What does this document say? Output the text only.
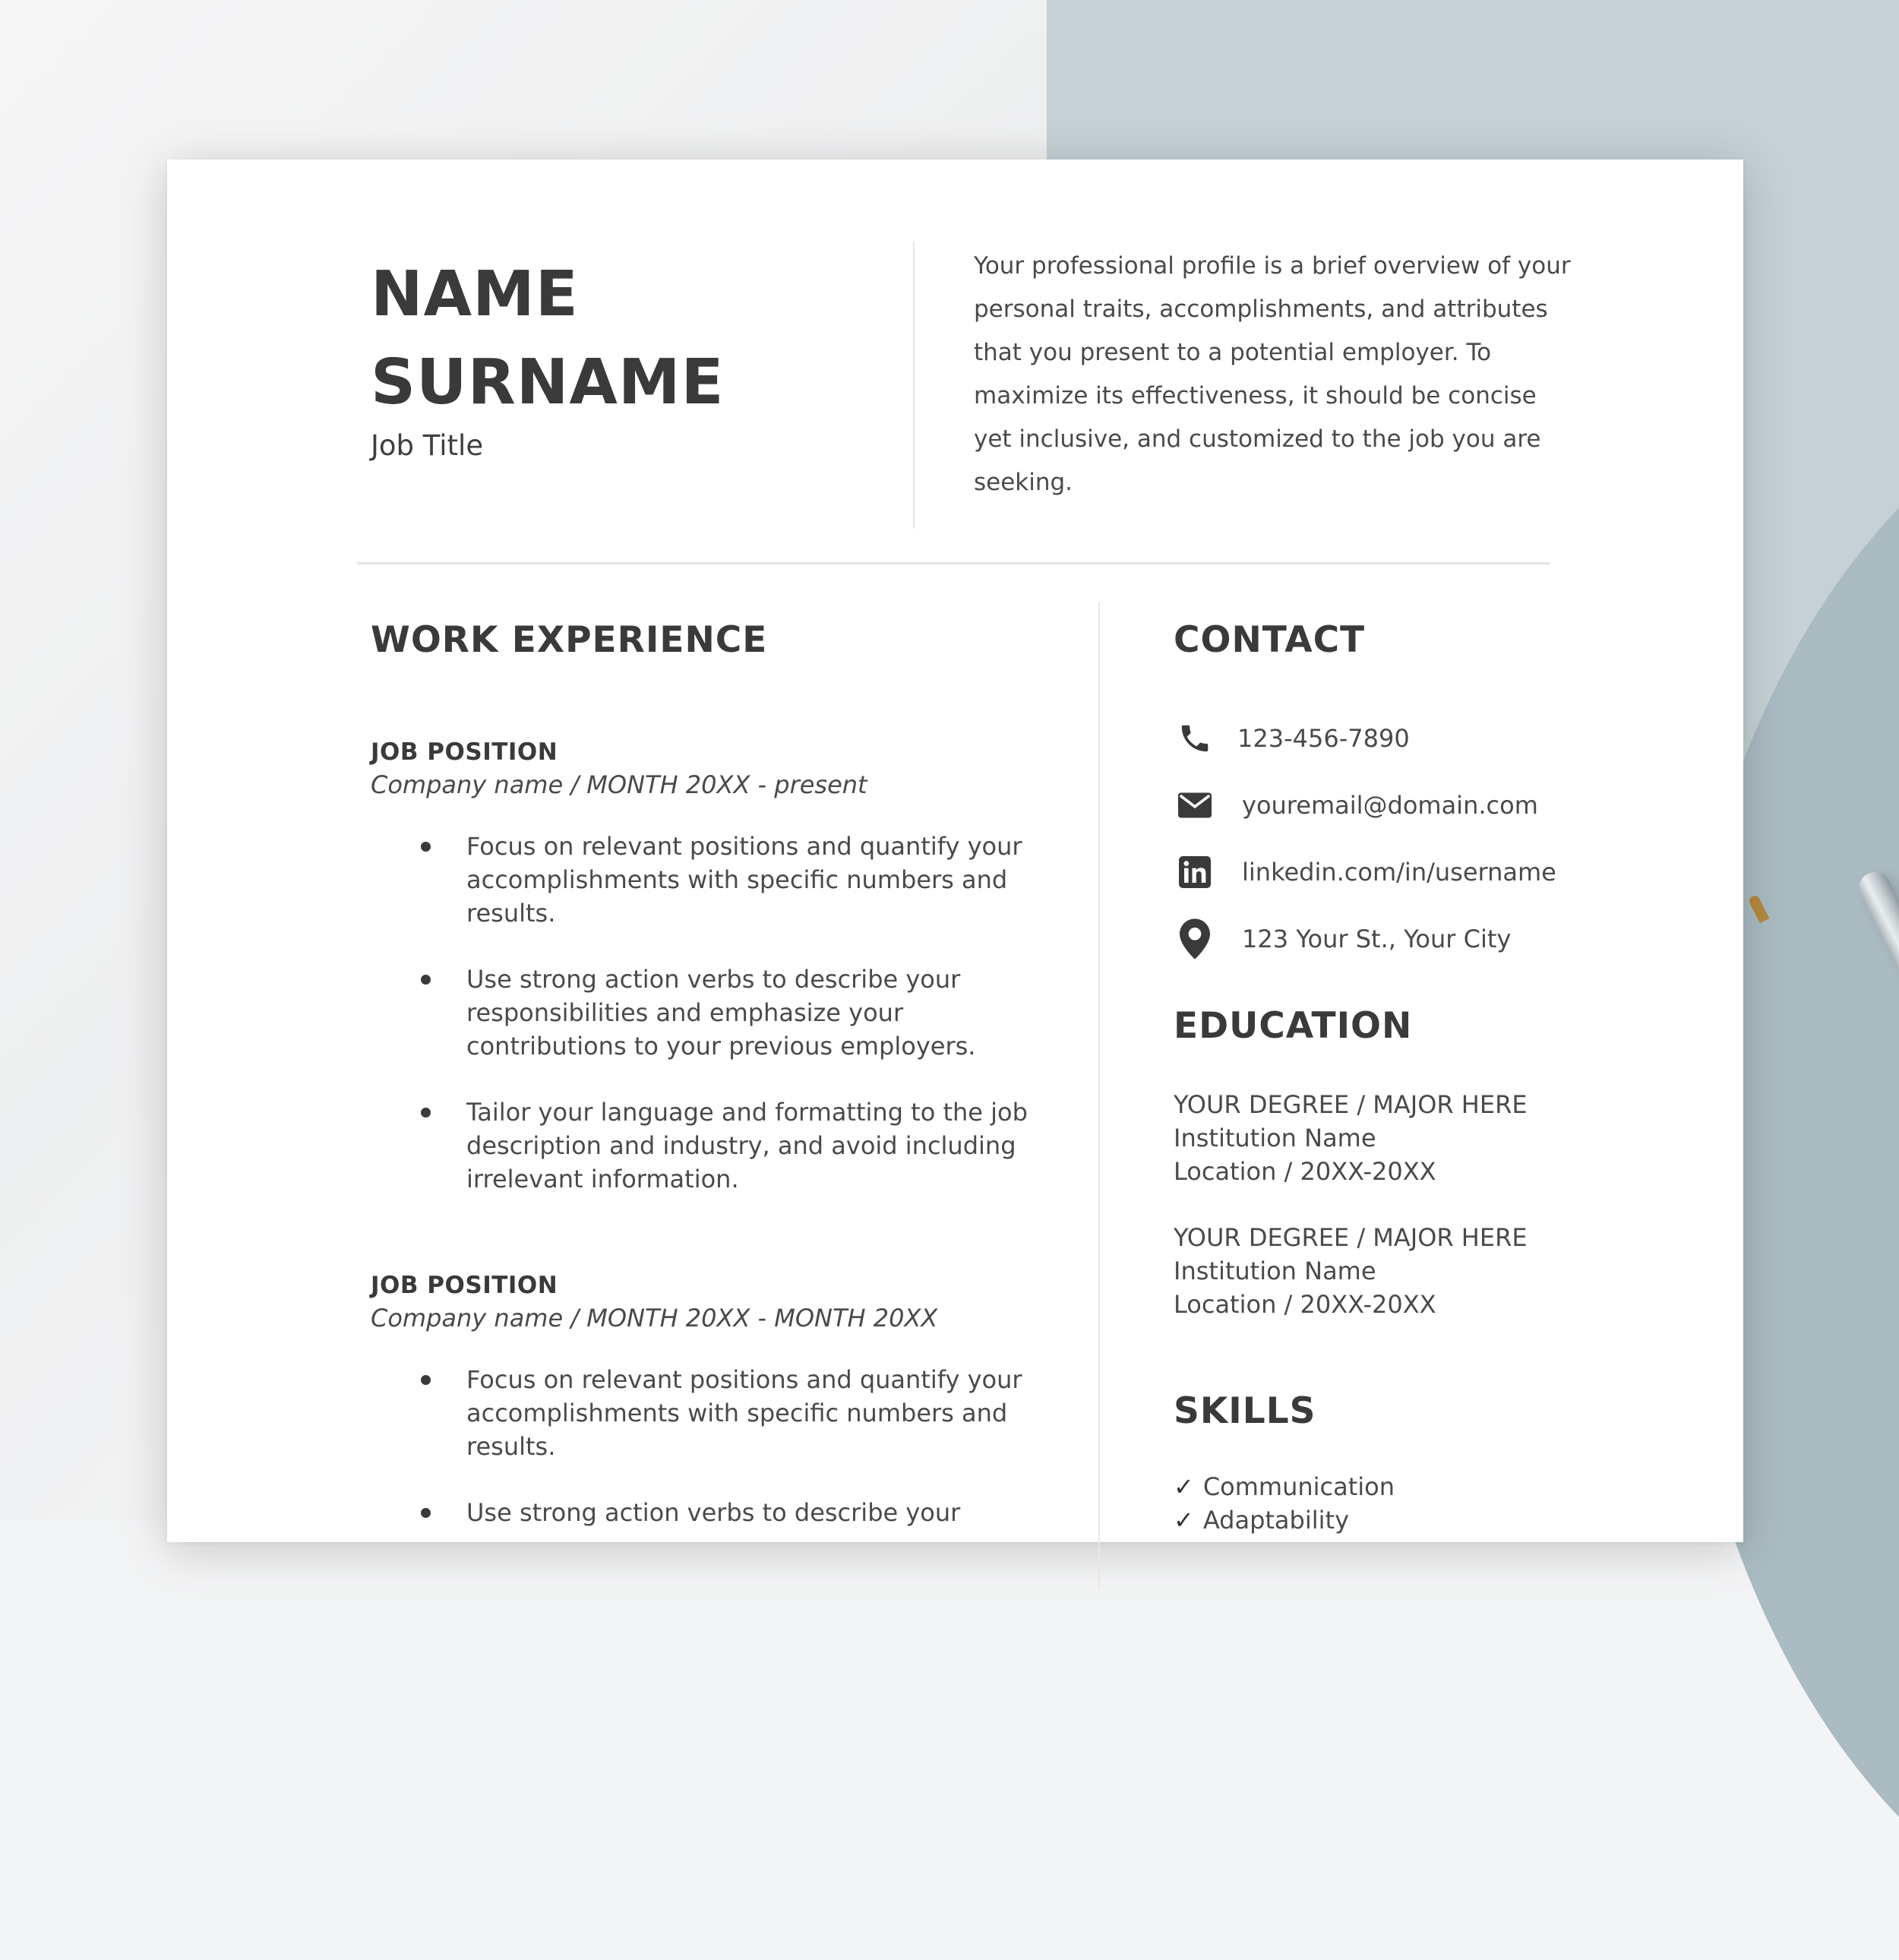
NAME
SURNAME

Job Title

Your professional profile is a brief overview of your personal traits, accomplishments, and attributes that you present to a potential employer. To maximize its effectiveness, it should be concise yet inclusive, and customized to the job you are seeking.

WORK EXPERIENCE

JOB POSITION

Company name / MONTH 20XX - present

Focus on relevant positions and quantify your accomplishments with specific numbers and results.
Use strong action verbs to describe your responsibilities and emphasize your contributions to your previous employers.
Tailor your language and formatting to the job description and industry, and avoid including irrelevant information.

JOB POSITION

Company name / MONTH 20XX - MONTH 20XX

Focus on relevant positions and quantify your accomplishments with specific numbers and results.
Use strong action verbs to describe your
CONTACT
123-456-7890
youremail@domain.com
linkedin.com/in/username
123 Your St., Your City
EDUCATION

YOUR DEGREE / MAJOR HERE

Institution Name

Location / 20XX-20XX

YOUR DEGREE / MAJOR HERE

Institution Name

Location / 20XX-20XX

SKILLS
✓ Communication
✓ Adaptability
